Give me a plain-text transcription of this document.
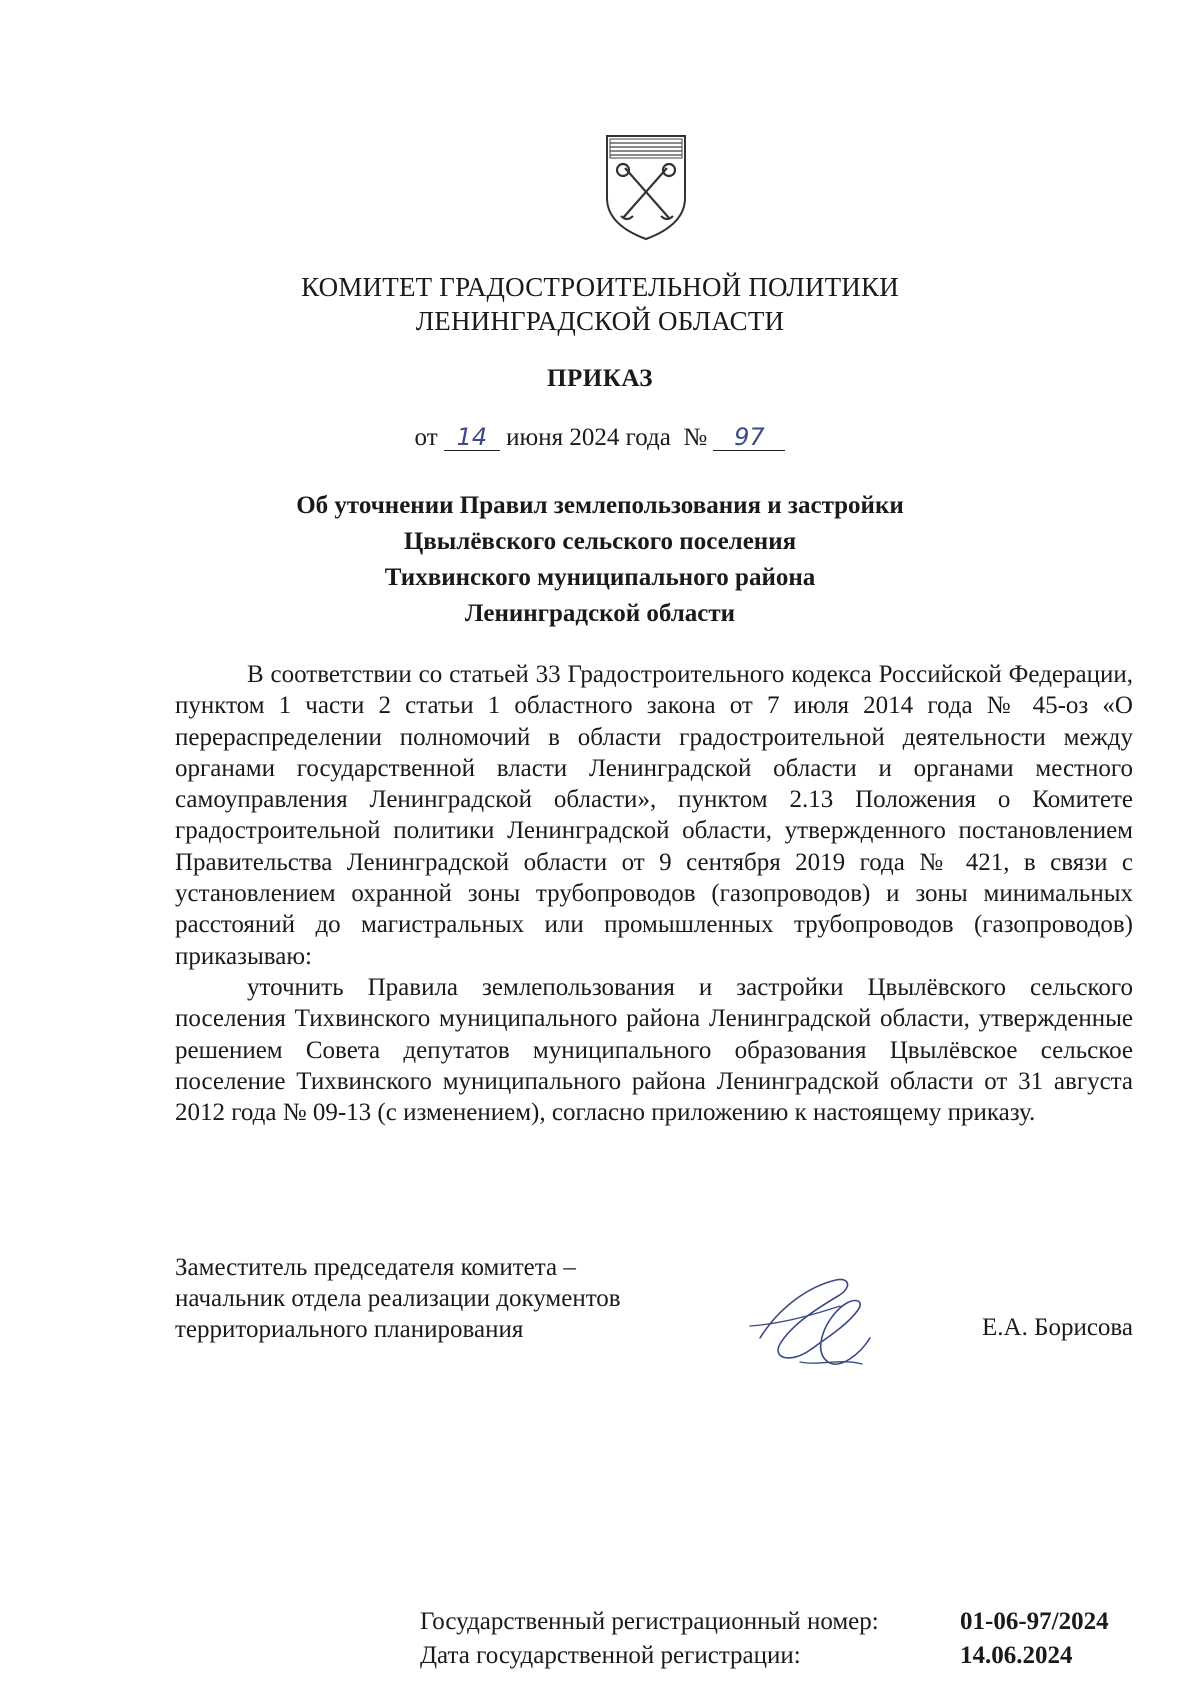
КОМИТЕТ ГРАДОСТРОИТЕЛЬНОЙ ПОЛИТИКИ
ЛЕНИНГРАДСКОЙ ОБЛАСТИ
ПРИКАЗ
от 14 июня 2024 года № 97
Об уточнении Правил землепользования и застройки
Цвылёвского сельского поселения
Тихвинского муниципального района
Ленинградской области

В соответствии со статьей 33 Градостроительного кодекса Российской Федерации, пунктом 1 части 2 статьи 1 областного закона от 7 июля 2014 года № 45-оз «О перераспределении полномочий в области градостроительной деятельности между органами государственной власти Ленинградской области и органами местного самоуправления Ленинградской области», пунктом 2.13 Положения о Комитете градостроительной политики Ленинградской области, утвержденного постановлением Правительства Ленинградской области от 9 сентября 2019 года № 421, в связи с установлением охранной зоны трубопроводов (газопроводов) и зоны минимальных расстояний до магистральных или промышленных трубопроводов (газопроводов) приказываю:

уточнить Правила землепользования и застройки Цвылёвского сельского поселения Тихвинского муниципального района Ленинградской области, утвержденные решением Совета депутатов муниципального образования Цвылёвское сельское поселение Тихвинского муниципального района Ленинградской области от 31 августа 2012 года № 09-13 (с изменением), согласно приложению к настоящему приказу.

Заместитель председателя комитета –
начальник отдела реализации документов
территориального планирования	Е.А. Борисова
Государственный регистрационный номер:	01-06-97/2024
Дата государственной регистрации:	14.06.2024
